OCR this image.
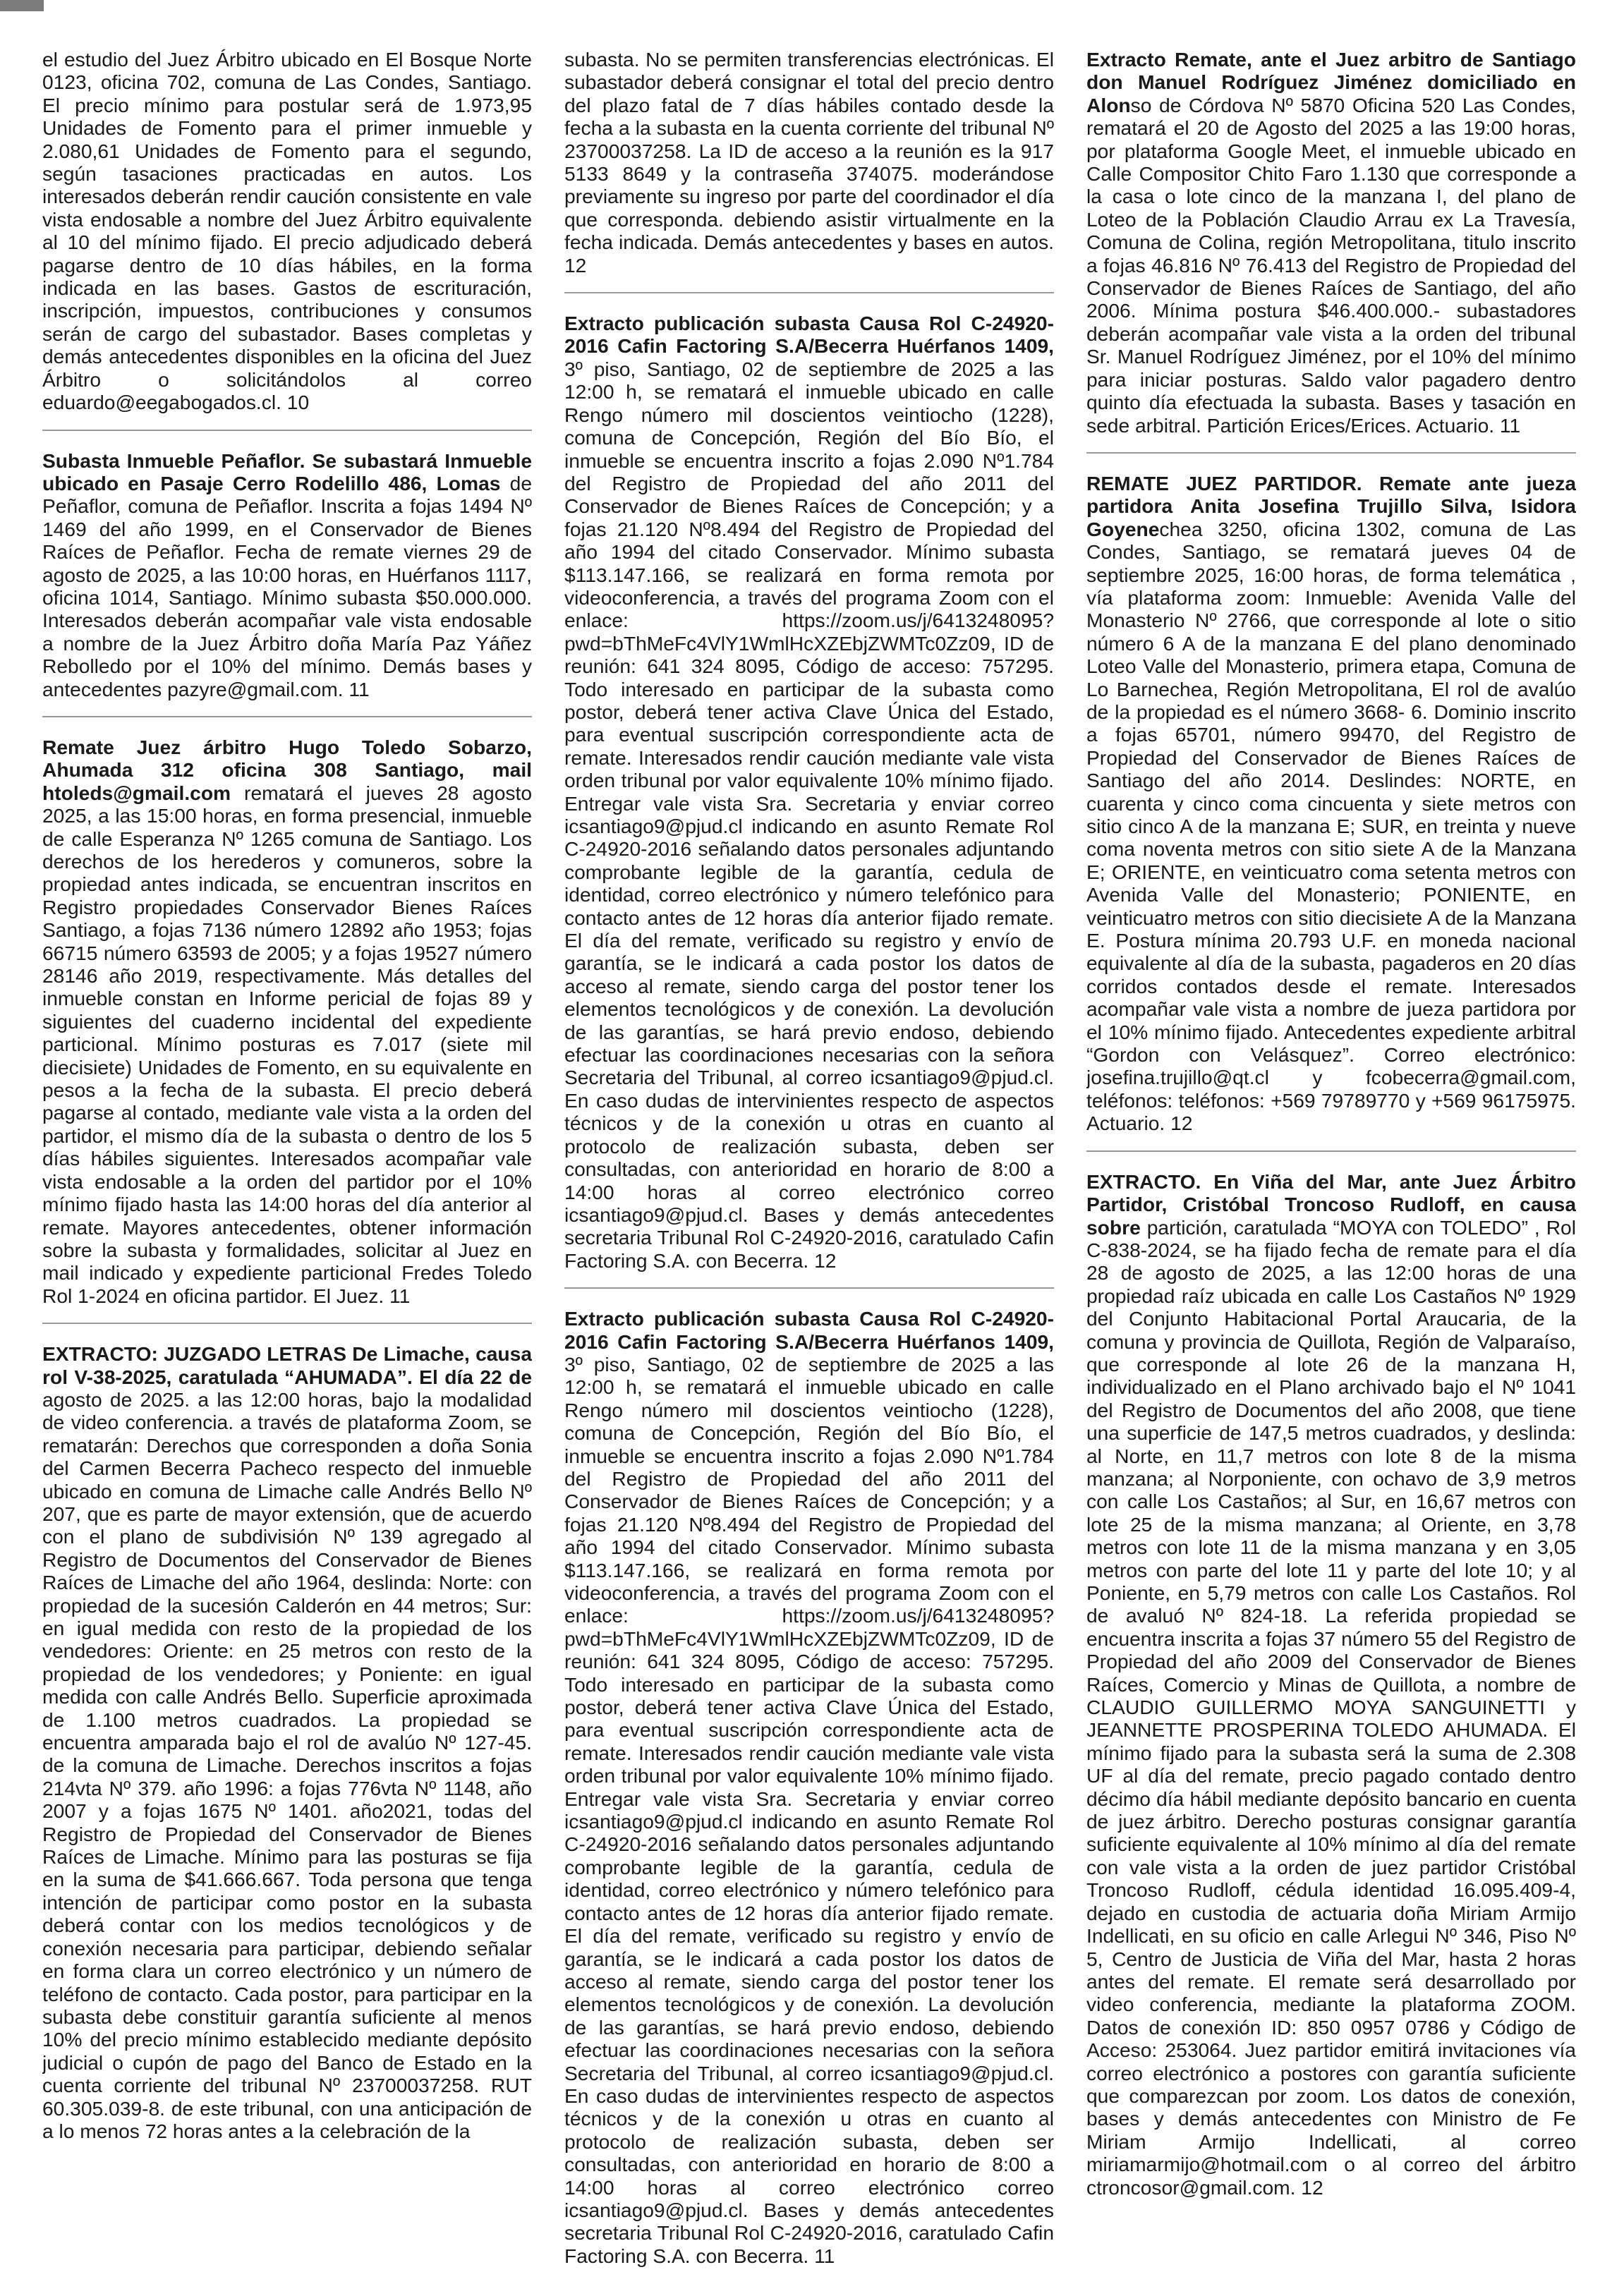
el estudio del Juez Árbitro ubicado en El Bosque Norte 0123, oficina 702, comuna de Las Condes, Santiago. El precio mínimo para postular será de 1.973,95 Unidades de Fomento para el primer inmueble y 2.080,61 Unidades de Fomento para el segundo, según tasaciones practicadas en autos. Los interesados deberán rendir caución consistente en vale vista endosable a nombre del Juez Árbitro equivalente al 10 del mínimo fijado. El precio adjudicado deberá pagarse dentro de 10 días hábiles, en la forma indicada en las bases. Gastos de escrituración, inscripción, impuestos, contribuciones y consumos serán de cargo del subastador. Bases completas y demás antecedentes disponibles en la oficina del Juez Árbitro o solicitándolos al correo eduardo@eegabogados.cl. 10

Subasta Inmueble Peñaflor. Se subastará Inmueble ubicado en Pasaje Cerro Rodelillo 486, Lomas de Peñaflor, comuna de Peñaflor. Inscrita a fojas 1494 Nº 1469 del año 1999, en el Conservador de Bienes Raíces de Peñaflor. Fecha de remate viernes 29 de agosto de 2025, a las 10:00 horas, en Huérfanos 1117, oficina 1014, Santiago. Mínimo subasta $50.000.000. Interesados deberán acompañar vale vista endosable a nombre de la Juez Árbitro doña María Paz Yáñez Rebolledo por el 10% del mínimo. Demás bases y antecedentes pazyre@gmail.com. 11

Remate Juez árbitro Hugo Toledo Sobarzo, Ahumada 312 oficina 308 Santiago, mail htoleds@gmail.com rematará el jueves 28 agosto 2025, a las 15:00 horas, en forma presencial, inmueble de calle Esperanza Nº 1265 comuna de Santiago. Los derechos de los herederos y comuneros, sobre la propiedad antes indicada, se encuentran inscritos en Registro propiedades Conservador Bienes Raíces Santiago, a fojas 7136 número 12892 año 1953; fojas 66715 número 63593 de 2005; y a fojas 19527 número 28146 año 2019, respectivamente. Más detalles del inmueble constan en Informe pericial de fojas 89 y siguientes del cuaderno incidental del expediente particional. Mínimo posturas es 7.017 (siete mil diecisiete) Unidades de Fomento, en su equivalente en pesos a la fecha de la subasta. El precio deberá pagarse al contado, mediante vale vista a la orden del partidor, el mismo día de la subasta o dentro de los 5 días hábiles siguientes. Interesados acompañar vale vista endosable a la orden del partidor por el 10% mínimo fijado hasta las 14:00 horas del día anterior al remate. Mayores antecedentes, obtener información sobre la subasta y formalidades, solicitar al Juez en mail indicado y expediente particional Fredes Toledo Rol 1-2024 en oficina partidor. El Juez. 11

EXTRACTO: JUZGADO LETRAS De Limache, causa rol V-38-2025, caratulada “AHUMADA”. El día 22 de agosto de 2025. a las 12:00 horas, bajo la modalidad de video conferencia. a través de plataforma Zoom, se rematarán: Derechos que corresponden a doña Sonia del Carmen Becerra Pacheco respecto del inmueble ubicado en comuna de Limache calle Andrés Bello Nº 207, que es parte de mayor extensión, que de acuerdo con el plano de subdivisión Nº 139 agregado al Registro de Documentos del Conservador de Bienes Raíces de Limache del año 1964, deslinda: Norte: con propiedad de la sucesión Calderón en 44 metros; Sur: en igual medida con resto de la propiedad de los vendedores: Oriente: en 25 metros con resto de la propiedad de los vendedores; y Poniente: en igual medida con calle Andrés Bello. Superficie aproximada de 1.100 metros cuadrados. La propiedad se encuentra amparada bajo el rol de avalúo Nº 127-45. de la comuna de Limache. Derechos inscritos a fojas 214vta Nº 379. año 1996: a fojas 776vta Nº 1148, año 2007 y a fojas 1675 Nº 1401. año2021, todas del Registro de Propiedad del Conservador de Bienes Raíces de Limache. Mínimo para las posturas se fija en la suma de $41.666.667. Toda persona que tenga intención de participar como postor en la subasta deberá contar con los medios tecnológicos y de conexión necesaria para participar, debiendo señalar en forma clara un correo electrónico y un número de teléfono de contacto. Cada postor, para participar en la subasta debe constituir garantía suficiente al menos 10% del precio mínimo establecido mediante depósito judicial o cupón de pago del Banco de Estado en la cuenta corriente del tribunal Nº 23700037258. RUT 60.305.039-8. de este tribunal, con una anticipación de a lo menos 72 horas antes a la celebración de la

subasta. No se permiten transferencias electrónicas. El subastador deberá consignar el total del precio dentro del plazo fatal de 7 días hábiles contado desde la fecha a la subasta en la cuenta corriente del tribunal Nº 23700037258. La ID de acceso a la reunión es la 917 5133 8649 y la contraseña 374075. moderándose previamente su ingreso por parte del coordinador el día que corresponda. debiendo asistir virtualmente en la fecha indicada. Demás antecedentes y bases en autos. 12

Extracto publicación subasta Causa Rol C-24920-2016 Cafin Factoring S.A/Becerra Huérfanos 1409, 3º piso, Santiago, 02 de septiembre de 2025 a las 12:00 h, se rematará el inmueble ubicado en calle Rengo número mil doscientos veintiocho (1228), comuna de Concepción, Región del Bío Bío, el inmueble se encuentra inscrito a fojas 2.090 Nº1.784 del Registro de Propiedad del año 2011 del Conservador de Bienes Raíces de Concepción; y a fojas 21.120 Nº8.494 del Registro de Propiedad del año 1994 del citado Conservador. Mínimo subasta $113.147.166, se realizará en forma remota por videoconferencia, a través del programa Zoom con el enlace: https://zoom.us/j/6413248095?pwd=bThMeFc4VlY1WmlHcXZEbjZWMTc0Zz09, ID de reunión: 641 324 8095, Código de acceso: 757295. Todo interesado en participar de la subasta como postor, deberá tener activa Clave Única del Estado, para eventual suscripción correspondiente acta de remate. Interesados rendir caución mediante vale vista orden tribunal por valor equivalente 10% mínimo fijado. Entregar vale vista Sra. Secretaria y enviar correo icsantiago9@pjud.cl indicando en asunto Remate Rol C-24920-2016 señalando datos personales adjuntando comprobante legible de la garantía, cedula de identidad, correo electrónico y número telefónico para contacto antes de 12 horas día anterior fijado remate. El día del remate, verificado su registro y envío de garantía, se le indicará a cada postor los datos de acceso al remate, siendo carga del postor tener los elementos tecnológicos y de conexión. La devolución de las garantías, se hará previo endoso, debiendo efectuar las coordinaciones necesarias con la señora Secretaria del Tribunal, al correo icsantiago9@pjud.cl. En caso dudas de intervinientes respecto de aspectos técnicos y de la conexión u otras en cuanto al protocolo de realización subasta, deben ser consultadas, con anterioridad en horario de 8:00 a 14:00 horas al correo electrónico correo icsantiago9@pjud.cl. Bases y demás antecedentes secretaria Tribunal Rol C-24920-2016, caratulado Cafin Factoring S.A. con Becerra. 12

Extracto publicación subasta Causa Rol C-24920-2016 Cafin Factoring S.A/Becerra Huérfanos 1409, 3º piso, Santiago, 02 de septiembre de 2025 a las 12:00 h, se rematará el inmueble ubicado en calle Rengo número mil doscientos veintiocho (1228), comuna de Concepción, Región del Bío Bío, el inmueble se encuentra inscrito a fojas 2.090 Nº1.784 del Registro de Propiedad del año 2011 del Conservador de Bienes Raíces de Concepción; y a fojas 21.120 Nº8.494 del Registro de Propiedad del año 1994 del citado Conservador. Mínimo subasta $113.147.166, se realizará en forma remota por videoconferencia, a través del programa Zoom con el enlace: https://zoom.us/j/6413248095?pwd=bThMeFc4VlY1WmlHcXZEbjZWMTc0Zz09, ID de reunión: 641 324 8095, Código de acceso: 757295. Todo interesado en participar de la subasta como postor, deberá tener activa Clave Única del Estado, para eventual suscripción correspondiente acta de remate. Interesados rendir caución mediante vale vista orden tribunal por valor equivalente 10% mínimo fijado. Entregar vale vista Sra. Secretaria y enviar correo icsantiago9@pjud.cl indicando en asunto Remate Rol C-24920-2016 señalando datos personales adjuntando comprobante legible de la garantía, cedula de identidad, correo electrónico y número telefónico para contacto antes de 12 horas día anterior fijado remate. El día del remate, verificado su registro y envío de garantía, se le indicará a cada postor los datos de acceso al remate, siendo carga del postor tener los elementos tecnológicos y de conexión. La devolución de las garantías, se hará previo endoso, debiendo efectuar las coordinaciones necesarias con la señora Secretaria del Tribunal, al correo icsantiago9@pjud.cl. En caso dudas de intervinientes respecto de aspectos técnicos y de la conexión u otras en cuanto al protocolo de realización subasta, deben ser consultadas, con anterioridad en horario de 8:00 a 14:00 horas al correo electrónico correo icsantiago9@pjud.cl. Bases y demás antecedentes secretaria Tribunal Rol C-24920-2016, caratulado Cafin Factoring S.A. con Becerra. 11

Extracto Remate, ante el Juez arbitro de Santiago don Manuel Rodríguez Jiménez domiciliado en Alonso de Córdova Nº 5870 Oficina 520 Las Condes, rematará el 20 de Agosto del 2025 a las 19:00 horas, por plataforma Google Meet, el inmueble ubicado en Calle Compositor Chito Faro 1.130 que corresponde a la casa o lote cinco de la manzana I, del plano de Loteo de la Población Claudio Arrau ex La Travesía, Comuna de Colina, región Metropolitana, titulo inscrito a fojas 46.816 Nº 76.413 del Registro de Propiedad del Conservador de Bienes Raíces de Santiago, del año 2006. Mínima postura $46.400.000.- subastadores deberán acompañar vale vista a la orden del tribunal Sr. Manuel Rodríguez Jiménez, por el 10% del mínimo para iniciar posturas. Saldo valor pagadero dentro quinto día efectuada la subasta. Bases y tasación en sede arbitral. Partición Erices/Erices. Actuario. 11

REMATE JUEZ PARTIDOR. Remate ante jueza partidora Anita Josefina Trujillo Silva, Isidora Goyenechea 3250, oficina 1302, comuna de Las Condes, Santiago, se rematará jueves 04 de septiembre 2025, 16:00 horas, de forma telemática , vía plataforma zoom: Inmueble: Avenida Valle del Monasterio Nº 2766, que corresponde al lote o sitio número 6 A de la manzana E del plano denominado Loteo Valle del Monasterio, primera etapa, Comuna de Lo Barnechea, Región Metropolitana, El rol de avalúo de la propiedad es el número 3668- 6. Dominio inscrito a fojas 65701, número 99470, del Registro de Propiedad del Conservador de Bienes Raíces de Santiago del año 2014. Deslindes: NORTE, en cuarenta y cinco coma cincuenta y siete metros con sitio cinco A de la manzana E; SUR, en treinta y nueve coma noventa metros con sitio siete A de la Manzana E; ORIENTE, en veinticuatro coma setenta metros con Avenida Valle del Monasterio; PONIENTE, en veinticuatro metros con sitio diecisiete A de la Manzana E. Postura mínima 20.793 U.F. en moneda nacional equivalente al día de la subasta, pagaderos en 20 días corridos contados desde el remate. Interesados acompañar vale vista a nombre de jueza partidora por el 10% mínimo fijado. Antecedentes expediente arbitral “Gordon con Velásquez”. Correo electrónico: josefina.trujillo@qt.cl y fcobecerra@gmail.com, teléfonos: teléfonos: +569 79789770 y +569 96175975. Actuario. 12

EXTRACTO. En Viña del Mar, ante Juez Árbitro Partidor, Cristóbal Troncoso Rudloff, en causa sobre partición, caratulada “MOYA con TOLEDO” , Rol C-838-2024, se ha fijado fecha de remate para el día 28 de agosto de 2025, a las 12:00 horas de una propiedad raíz ubicada en calle Los Castaños Nº 1929 del Conjunto Habitacional Portal Araucaria, de la comuna y provincia de Quillota, Región de Valparaíso, que corresponde al lote 26 de la manzana H, individualizado en el Plano archivado bajo el Nº 1041 del Registro de Documentos del año 2008, que tiene una superficie de 147,5 metros cuadrados, y deslinda: al Norte, en 11,7 metros con lote 8 de la misma manzana; al Norponiente, con ochavo de 3,9 metros con calle Los Castaños; al Sur, en 16,67 metros con lote 25 de la misma manzana; al Oriente, en 3,78 metros con lote 11 de la misma manzana y en 3,05 metros con parte del lote 11 y parte del lote 10; y al Poniente, en 5,79 metros con calle Los Castaños. Rol de avaluó Nº 824-18. La referida propiedad se encuentra inscrita a fojas 37 número 55 del Registro de Propiedad del año 2009 del Conservador de Bienes Raíces, Comercio y Minas de Quillota, a nombre de CLAUDIO GUILLERMO MOYA SANGUINETTI y JEANNETTE PROSPERINA TOLEDO AHUMADA. El mínimo fijado para la subasta será la suma de 2.308 UF al día del remate, precio pagado contado dentro décimo día hábil mediante depósito bancario en cuenta de juez árbitro. Derecho posturas consignar garantía suficiente equivalente al 10% mínimo al día del remate con vale vista a la orden de juez partidor Cristóbal Troncoso Rudloff, cédula identidad 16.095.409-4, dejado en custodia de actuaria doña Miriam Armijo Indellicati, en su oficio en calle Arlegui Nº 346, Piso Nº 5, Centro de Justicia de Viña del Mar, hasta 2 horas antes del remate. El remate será desarrollado por video conferencia, mediante la plataforma ZOOM. Datos de conexión ID: 850 0957 0786 y Código de Acceso: 253064. Juez partidor emitirá invitaciones vía correo electrónico a postores con garantía suficiente que comparezcan por zoom. Los datos de conexión, bases y demás antecedentes con Ministro de Fe Miriam Armijo Indellicati, al correo miriamarmijo@hotmail.com o al correo del árbitro ctroncosor@gmail.com. 12
